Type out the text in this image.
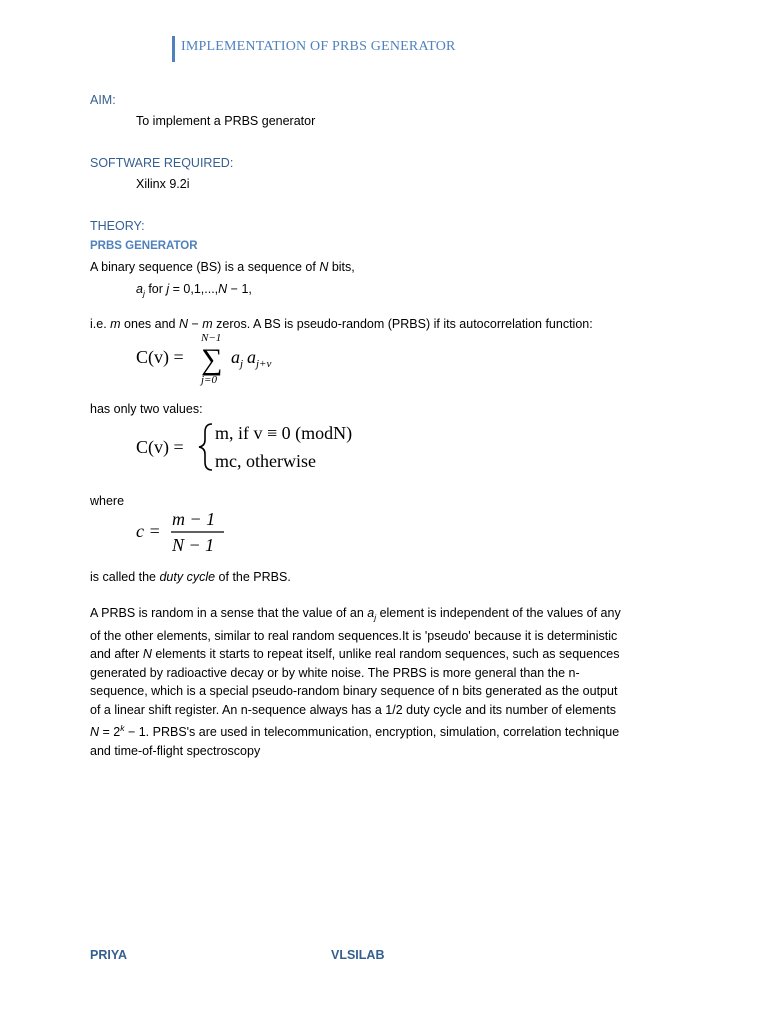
IMPLEMENTATION OF PRBS GENERATOR
AIM:
To implement a PRBS generator
SOFTWARE REQUIRED:
Xilinx 9.2i
THEORY:
PRBS GENERATOR
A binary sequence (BS) is a sequence of N bits,
$a_j$ for j = 0,1,...,N − 1,
i.e. m ones and N − m zeros. A BS is pseudo-random (PRBS) if its autocorrelation function:
C(v) =
N−1
∑
j=0
a j a j+v
has only two values:
C(v) =
m, if v ≡ 0 (modN)
mc, otherwise
where
c =
m − 1
N − 1
is called the duty cycle of the PRBS.

A PRBS is random in a sense that the value of an $a_j$ element is independent of the values of any

of the other elements, similar to real random sequences.It is 'pseudo' because it is deterministic

and after N elements it starts to repeat itself, unlike real random sequences, such as sequences

generated by radioactive decay or by white noise. The PRBS is more general than the n-

sequence, which is a special pseudo-random binary sequence of n bits generated as the output

of a linear shift register. An n-sequence always has a 1/2 duty cycle and its number of elements

$N = 2^k - 1$. PRBS's are used in telecommunication, encryption, simulation, correlation technique

and time-of-flight spectroscopy

PRIYA	VLSILAB
